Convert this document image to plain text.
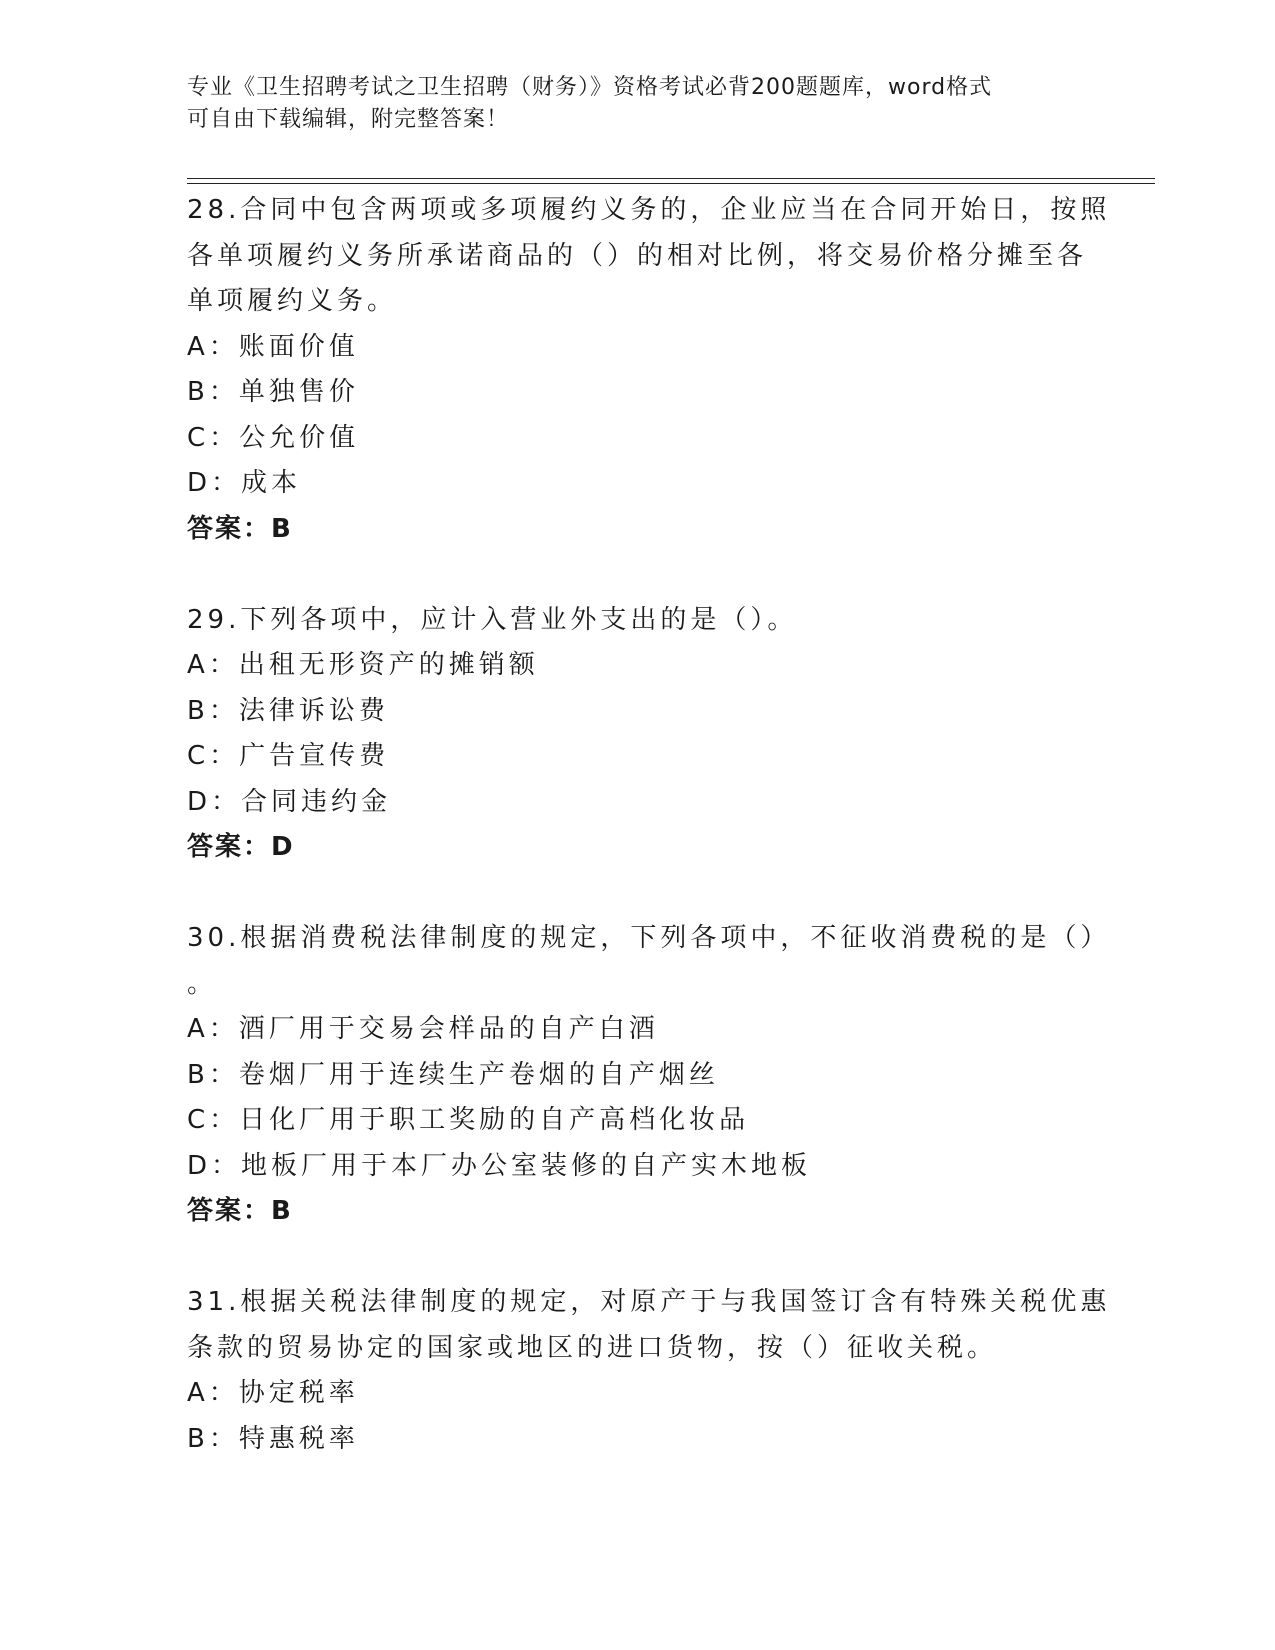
专业《卫生招聘考试之卫生招聘（财务）》资格考试必背200题题库，word格式
可自由下载编辑，附完整答案！
28.合同中包含两项或多项履约义务的，企业应当在合同开始日，按照
各单项履约义务所承诺商品的（）的相对比例，将交易价格分摊至各
单项履约义务。
A：账面价值
B：单独售价
C：公允价值
D：成本
答案：B
29.下列各项中，应计入营业外支出的是（）。
A：出租无形资产的摊销额
B：法律诉讼费
C：广告宣传费
D：合同违约金
答案：D
30.根据消费税法律制度的规定，下列各项中，不征收消费税的是（）
。
A：酒厂用于交易会样品的自产白酒
B：卷烟厂用于连续生产卷烟的自产烟丝
C：日化厂用于职工奖励的自产高档化妆品
D：地板厂用于本厂办公室装修的自产实木地板
答案：B
31.根据关税法律制度的规定，对原产于与我国签订含有特殊关税优惠
条款的贸易协定的国家或地区的进口货物，按（）征收关税。
A：协定税率
B：特惠税率
